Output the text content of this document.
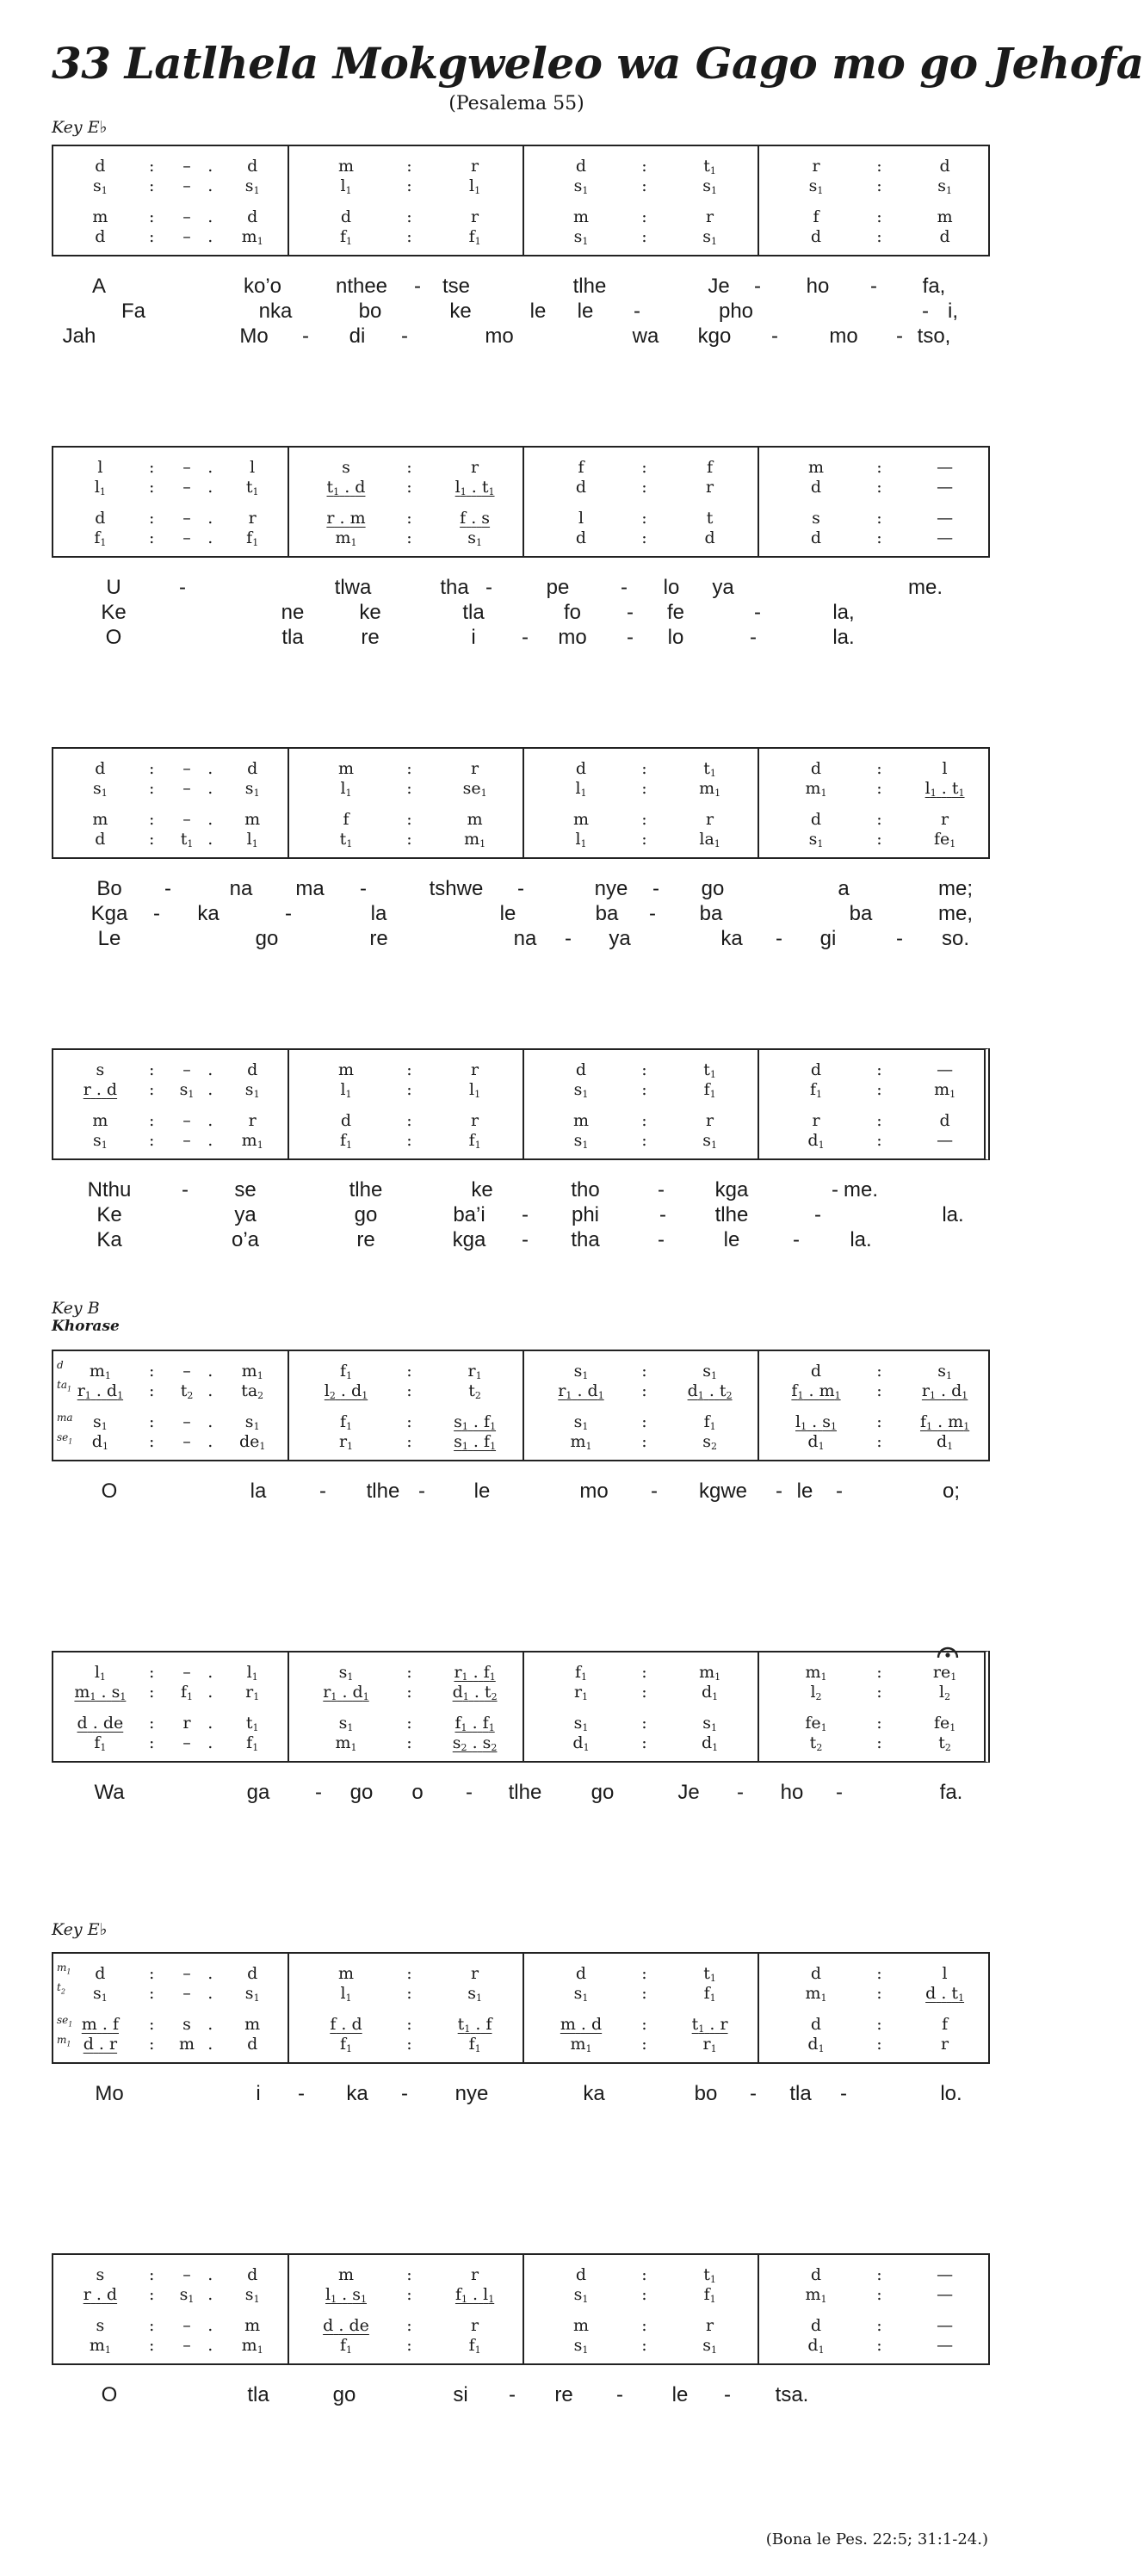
33 Latlhela Mokgweleo wa Gago mo go Jehofa
(Pesalema 55)
Key E♭
d	:	–	.	d	m	:	r	d	:	$t_1$	r	:	d
$s_1$	:	–	.	$s_1$	$l_1$	:	$l_1$	$s_1$	:	$s_1$	$s_1$	:	$s_1$
m	:	–	.	d	d	:	r	m	:	r	f	:	m
d	:	–	.	$m_1$	$f_1$	:	$f_1$	$s_1$	:	$s_1$	d	:	d
A	ko’o	nthee	-	tse	tlhe	Je	-	ho	-	fa,
Fa	nka	bo	ke	le	le	-	pho	- i,
Jah	Mo	-	di	-	mo	wa	kgo	-	mo	- tso,
l	:	–	.	l	s	:	r	f	:	f	m	:	—
$l_1$	:	–	.	$t_1$	$t_1$ . d	:	$l_1$ . $t_1$	d	:	r	d	:	—
d	:	–	.	r	r . m	:	f . s	l	:	t	s	:	—
$f_1$	:	–	.	$f_1$	$m_1$	:	$s_1$	d	:	d	d	:	—
U	-	tlwa	tha -	pe	-	lo	ya	me.
Ke	ne	ke	tla	fo	-	fe	-	la,
O	tla	re	i	-	mo	-	lo	-	la.
d	:	–	.	d	m	:	r	d	:	$t_1$	d	:	l
$s_1$	:	–	.	$s_1$	$l_1$	:	$se_1$	$l_1$	:	$m_1$	$m_1$	:	$l_1$ . $t_1$
m	:	–	.	m	f	:	m	m	:	r	d	:	r
d	:	$t_1$ .	$l_1$	$t_1$	:	$m_1$	$l_1$	:	$la_1$	$s_1$	:	$fe_1$
Bo	-	na	ma	-	tshwe	-	nye	-	go	a	me;
Kga	-	ka	-	la	le	ba	-	ba	ba	me,
Le	go	re	na	-	ya	ka	-	gi	-	so.
s	:	–	.	d	m	:	r	d	:	$t_1$	d	:	—
r . d	:	$s_1$ .	$s_1$	$l_1$	:	$l_1$	$s_1$	:	$f_1$	$f_1$	:	$m_1$
m	:	–	.	r	d	:	r	m	:	r	r	:	d
$s_1$	:	–	.	$m_1$	$f_1$	:	$f_1$	$s_1$	:	$s_1$	$d_1$	:	—
Nthu	-	se	tlhe	ke	tho	-	kga	- me.
Ke	ya	go	ba’i	-	phi	-	tlhe	-	la.
Ka	o’a	re	kga	-	tha	-	le	-	la.
Key B
Khorase
d
$ta_1$
ma
$se_1$
$m_1$	:	–	.	$m_1$	$f_1$	:	$r_1$	$s_1$	:	$s_1$	d	:	$s_1$
$r_1$ . $d_1$	:	$t_2$ .	$ta_2$	$l_2$ . $d_1$	:	$t_2$	$r_1$ . $d_1$	:	$d_1$ . $t_2$	$f_1$ . $m_1$	:	$r_1$ . $d_1$
$s_1$	:	–	.	$s_1$	$f_1$	:	$s_1$ . $f_1$	$s_1$	:	$f_1$	$l_1$ . $s_1$	:	$f_1$ . $m_1$
$d_1$	:	–	.	$de_1$	$r_1$	:	$s_1$ . $f_1$	$m_1$	:	$s_2$	$d_1$	:	$d_1$
O	la	-	tlhe -	le	mo	-	kgwe	- le	-	o;
$l_1$	:	–	.	$l_1$	$s_1$	:	$r_1$ . $f_1$	$f_1$	:	$m_1$	$m_1$	:	$re_1$
$m_1$ . $s_1$	:	$f_1$ .	$r_1$	$r_1$ . $d_1$	:	$d_1$ . $t_2$	$r_1$	:	$d_1$	$l_2$	:	$l_2$
d . de	:	r	.	$t_1$	$s_1$	:	$f_1$ . $f_1$	$s_1$	:	$s_1$	$fe_1$	:	$fe_1$
$f_1$	:	–	.	$f_1$	$m_1$	:	$s_2$ . $s_2$	$d_1$	:	$d_1$	$t_2$	:	$t_2$
Wa	ga	-	go	o	-	tlhe	go	Je	-	ho	-	fa.
Key E♭
$m_1$
$t_2$
$se_1$
$m_1$
d	:	–	.	d	m	:	r	d	:	$t_1$	d	:	l
$s_1$	:	–	.	$s_1$	$l_1$	:	$s_1$	$s_1$	:	$f_1$	$m_1$	:	d . $t_1$
m . f	:	s	.	m	f . d	:	$t_1$ . f	m . d	:	$t_1$ . r	d	:	f
d . r	:	m .	d	$f_1$	:	$f_1$	$m_1$	:	$r_1$	$d_1$	:	r
Mo	i	-	ka	-	nye	ka	bo	-	tla	-	lo.
s	:	–	.	d	m	:	r	d	:	$t_1$	d	:	—
r . d	:	$s_1$ .	$s_1$	$l_1$ . $s_1$	:	$f_1$ . $l_1$	$s_1$	:	$f_1$	$m_1$	:	—
s	:	–	.	m	d . de	:	r	m	:	r	d	:	—
$m_1$	:	–	.	$m_1$	$f_1$	:	$f_1$	$s_1$	:	$s_1$	$d_1$	:	—
O	tla	go	si	-	re	-	le	-	tsa.
(Bona le Pes. 22:5; 31:1-24.)
